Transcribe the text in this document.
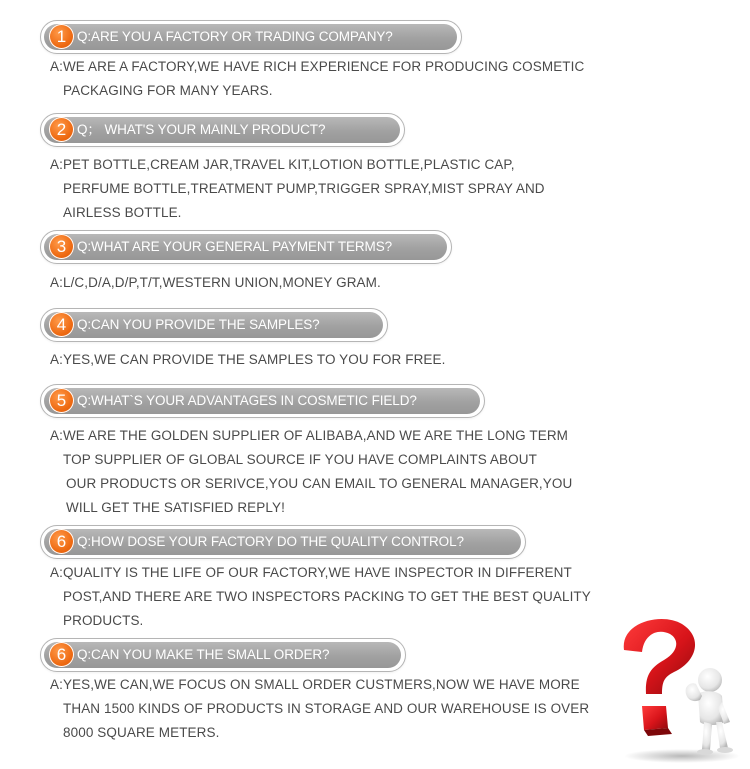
1 Q:ARE YOU A FACTORY OR TRADING COMPANY?
A:WE ARE A FACTORY,WE HAVE RICH EXPERIENCE FOR PRODUCING COSMETIC
PACKAGING FOR MANY YEARS.
2 Q； WHAT'S YOUR MAINLY PRODUCT?
A:PET BOTTLE,CREAM JAR,TRAVEL KIT,LOTION BOTTLE,PLASTIC CAP,
PERFUME BOTTLE,TREATMENT PUMP,TRIGGER SPRAY,MIST SPRAY AND
AIRLESS BOTTLE.
3 Q:WHAT ARE YOUR GENERAL PAYMENT TERMS?
A:L/C,D/A,D/P,T/T,WESTERN UNION,MONEY GRAM.
4 Q:CAN YOU PROVIDE THE SAMPLES?
A:YES,WE CAN PROVIDE THE SAMPLES TO YOU FOR FREE.
5 Q:WHAT`S YOUR ADVANTAGES IN COSMETIC FIELD?
A:WE ARE THE GOLDEN SUPPLIER OF ALIBABA,AND WE ARE THE LONG TERM
TOP SUPPLIER OF GLOBAL SOURCE IF YOU HAVE COMPLAINTS ABOUT
OUR PRODUCTS OR SERIVCE,YOU CAN EMAIL TO GENERAL MANAGER,YOU
WILL GET THE SATISFIED REPLY!
6 Q:HOW DOSE YOUR FACTORY DO THE QUALITY CONTROL?
A:QUALITY IS THE LIFE OF OUR FACTORY,WE HAVE INSPECTOR IN DIFFERENT
POST,AND THERE ARE TWO INSPECTORS PACKING TO GET THE BEST QUALITY
PRODUCTS.
6 Q:CAN YOU MAKE THE SMALL ORDER?
A:YES,WE CAN,WE FOCUS ON SMALL ORDER CUSTMERS,NOW WE HAVE MORE
THAN 1500 KINDS OF PRODUCTS IN STORAGE AND OUR WAREHOUSE IS OVER
8000 SQUARE METERS.
